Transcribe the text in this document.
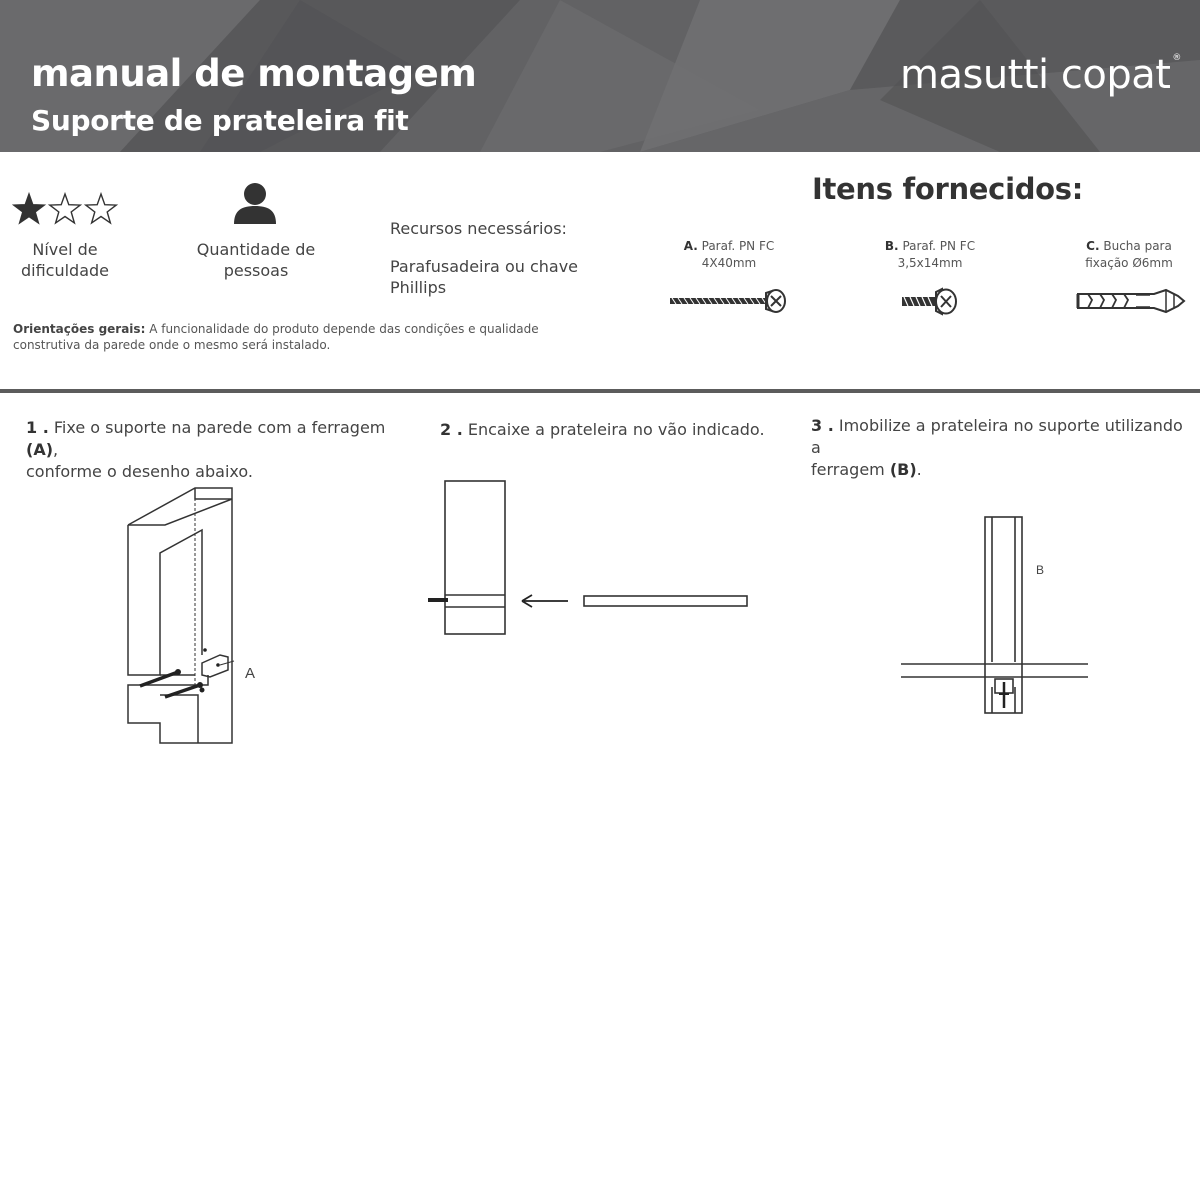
manual de montagem
Suporte de prateleira fit
masutti copat ®
Nível de
dificuldade
Quantidade de
pessoas
Recursos necessários:
Parafusadeira ou chave
Phillips
Orientações gerais: A funcionalidade do produto depende das condições e qualidade construtiva da parede onde o mesmo será instalado.
Itens fornecidos:
A. Paraf. PN FC
4X40mm
B. Paraf. PN FC
3,5x14mm
C. Bucha para
fixação Ø6mm
1 . Fixe o suporte na parede com a ferragem (A),
conforme o desenho abaixo.
2 . Encaixe a prateleira no vão indicado.	3 . Imobilize a prateleira no suporte utilizando a
ferragem (B).
A
B
